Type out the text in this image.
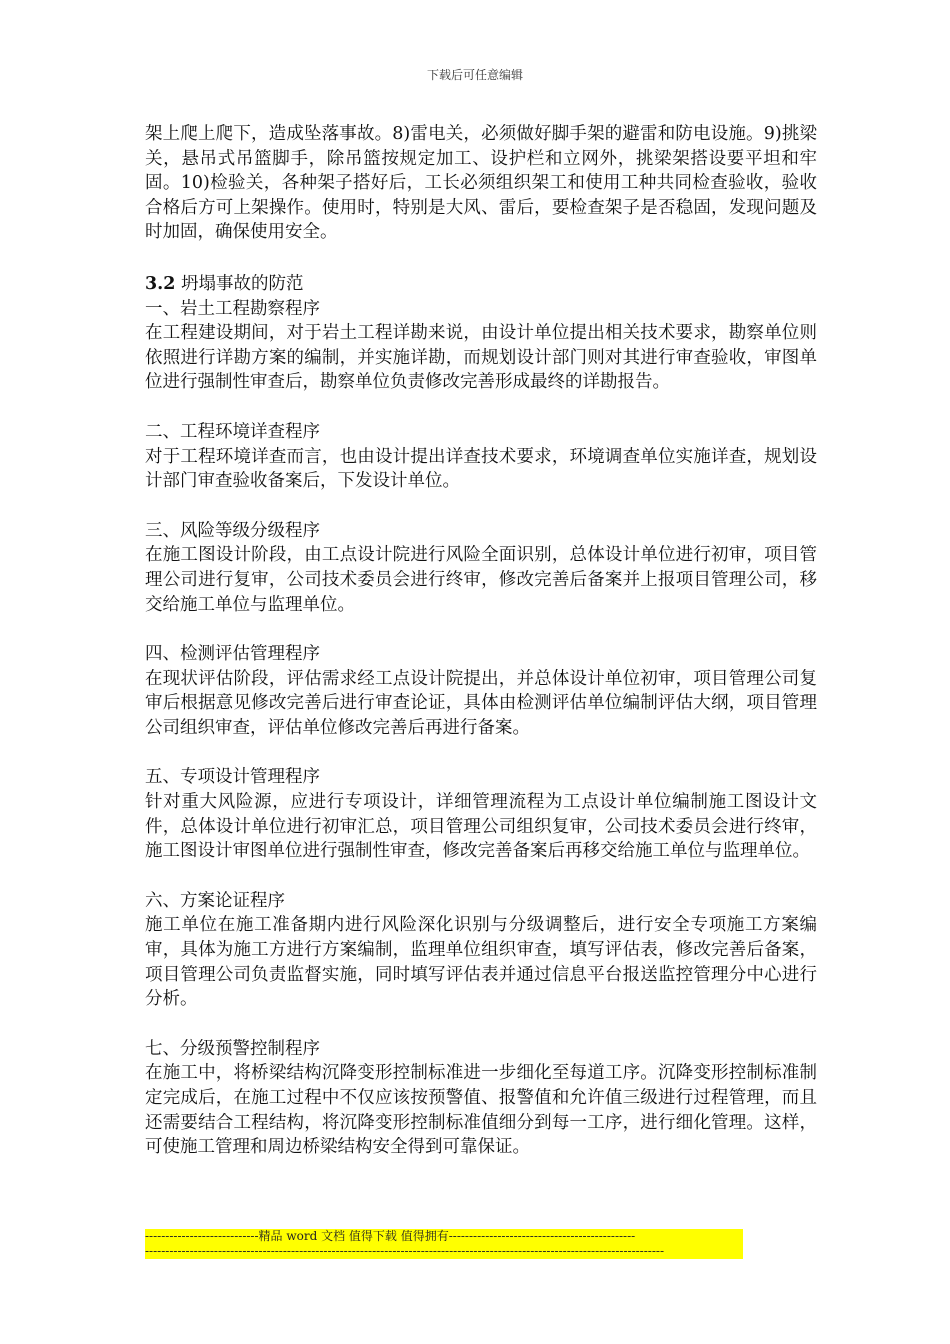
下载后可任意编辑

架上爬上爬下，造成坠落事故。8)雷电关，必须做好脚手架的避雷和防电设施。9)挑梁关，悬吊式吊篮脚手，除吊篮按规定加工、设护栏和立网外，挑梁架搭设要平坦和牢固。10)检验关，各种架子搭好后，工长必须组织架工和使用工种共同检查验收，验收合格后方可上架操作。使用时，特别是大风、雷后，要检查架子是否稳固，发现问题及时加固，确保使用安全。

3.2 坍塌事故的防范

一、岩土工程勘察程序

在工程建设期间，对于岩土工程详勘来说，由设计单位提出相关技术要求，勘察单位则依照进行详勘方案的编制，并实施详勘，而规划设计部门则对其进行审查验收，审图单位进行强制性审查后，勘察单位负责修改完善形成最终的详勘报告。

二、工程环境详查程序

对于工程环境详查而言，也由设计提出详查技术要求，环境调查单位实施详查，规划设计部门审查验收备案后，下发设计单位。

三、风险等级分级程序

在施工图设计阶段，由工点设计院进行风险全面识别，总体设计单位进行初审，项目管理公司进行复审，公司技术委员会进行终审，修改完善后备案并上报项目管理公司，移交给施工单位与监理单位。

四、检测评估管理程序

在现状评估阶段，评估需求经工点设计院提出，并总体设计单位初审，项目管理公司复审后根据意见修改完善后进行审查论证，具体由检测评估单位编制评估大纲，项目管理公司组织审查，评估单位修改完善后再进行备案。

五、专项设计管理程序

针对重大风险源，应进行专项设计，详细管理流程为工点设计单位编制施工图设计文件，总体设计单位进行初审汇总，项目管理公司组织复审，公司技术委员会进行终审，施工图设计审图单位进行强制性审查，修改完善备案后再移交给施工单位与监理单位。

六、方案论证程序

施工单位在施工准备期内进行风险深化识别与分级调整后，进行安全专项施工方案编审，具体为施工方进行方案编制，监理单位组织审查，填写评估表，修改完善后备案，项目管理公司负责监督实施，同时填写评估表并通过信息平台报送监控管理分中心进行分析。

七、分级预警控制程序

在施工中，将桥梁结构沉降变形控制标准进一步细化至每道工序。沉降变形控制标准制定完成后，在施工过程中不仅应该按预警值、报警值和允许值三级进行过程管理，而且还需要结合工程结构，将沉降变形控制标准值细分到每一工序，进行细化管理。这样，可使施工管理和周边桥梁结构安全得到可靠保证。

----------------------------精品 word 文档 值得下载 值得拥有----------------------------------------------
--------------------------------------------------------------------------------------------------------------------------------
